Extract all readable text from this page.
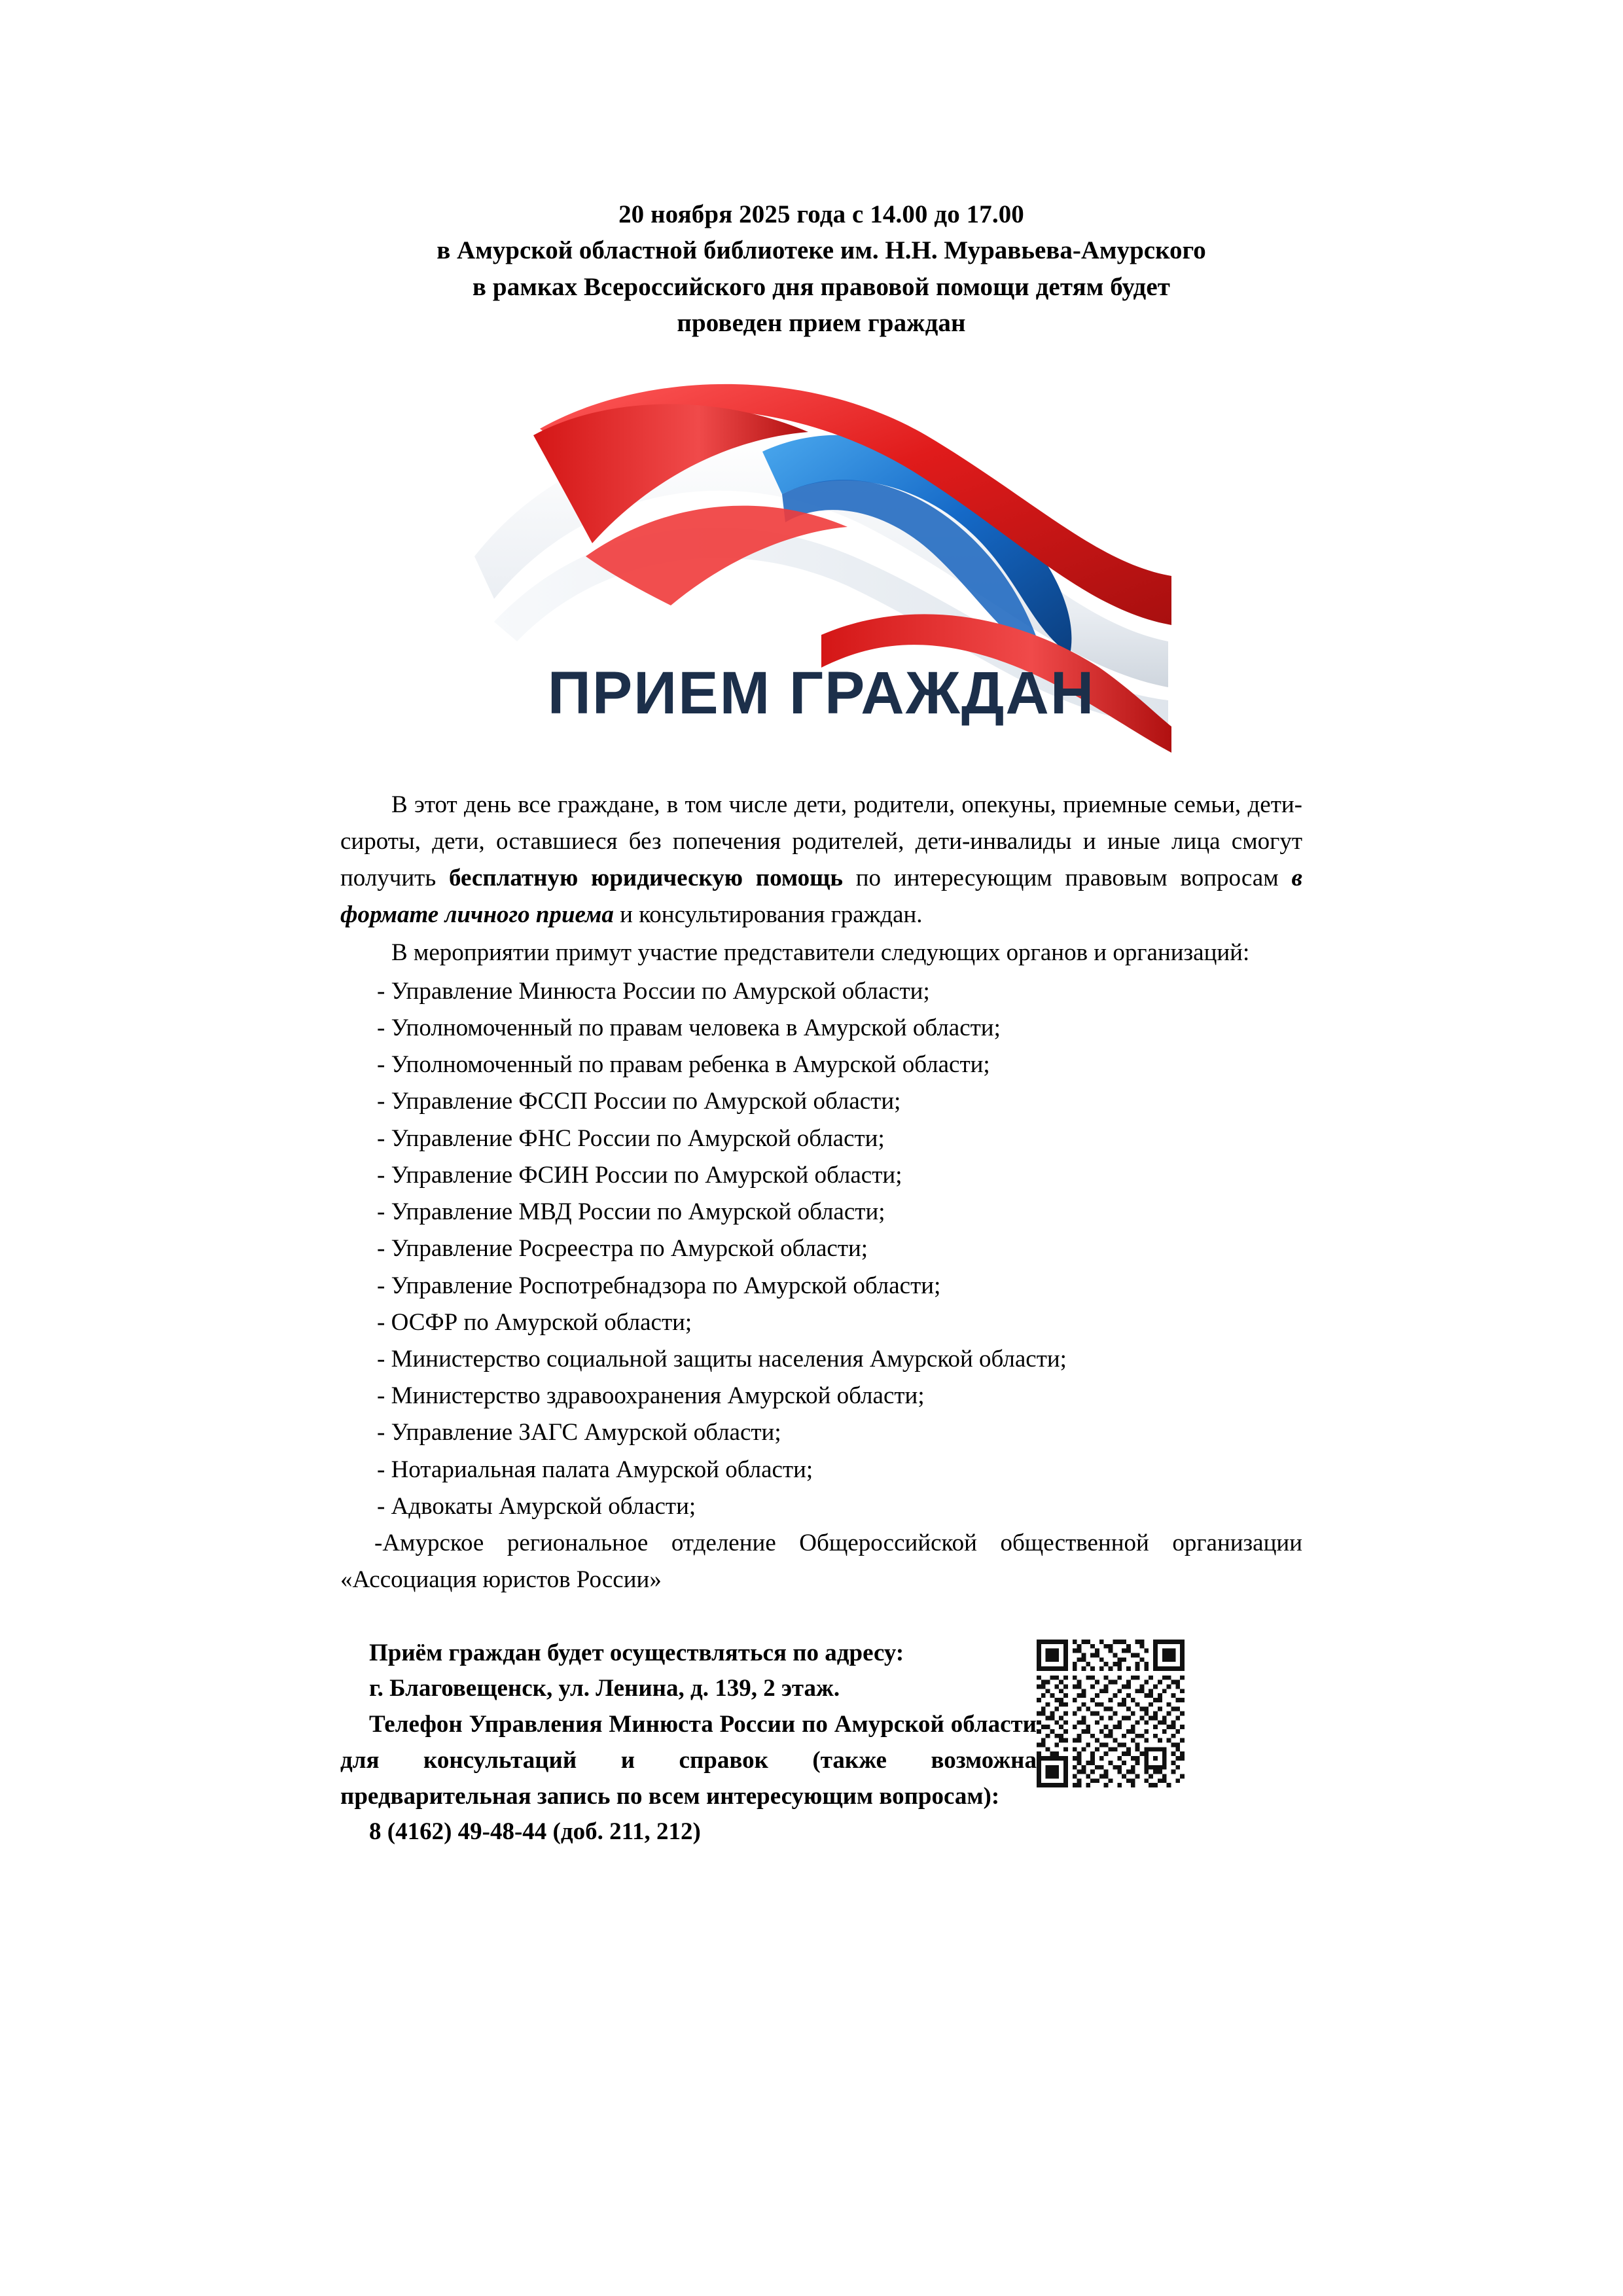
20 ноября 2025 года с 14.00 до 17.00
в Амурской областной библиотеке им. Н.Н. Муравьева-Амурского
в рамках Всероссийского дня правовой помощи детям будет
проведен прием граждан
ПРИЕМ ГРАЖДАН

В этот день все граждане, в том числе дети, родители, опекуны, приемные семьи, дети-сироты, дети, оставшиеся без попечения родителей, дети-инвалиды и иные лица смогут получить бесплатную юридическую помощь по интересующим правовым вопросам в формате личного приема и консультирования граждан.

В мероприятии примут участие представители следующих органов и организаций:

- Управление Минюста России по Амурской области;
- Уполномоченный по правам человека в Амурской области;
- Уполномоченный по правам ребенка в Амурской области;
- Управление ФССП России по Амурской области;
- Управление ФНС России по Амурской области;
- Управление ФСИН России по Амурской области;
- Управление МВД России по Амурской области;
- Управление Росреестра по Амурской области;
- Управление Роспотребнадзора по Амурской области;
- ОСФР по Амурской области;
- Министерство социальной защиты населения Амурской области;
- Министерство здравоохранения Амурской области;
- Управление ЗАГС Амурской области;
- Нотариальная палата Амурской области;
- Адвокаты Амурской области;
-Амурское региональное отделение Общероссийской общественной организации «Ассоциация юристов России»

Приём граждан будет осуществляться по адресу:

г. Благовещенск, ул. Ленина, д. 139, 2 этаж.

Телефон Управления Минюста России по Амурской области для консультаций и справок (также возможна предварительная запись по всем интересующим вопросам):

8 (4162) 49-48-44 (доб. 211, 212)
